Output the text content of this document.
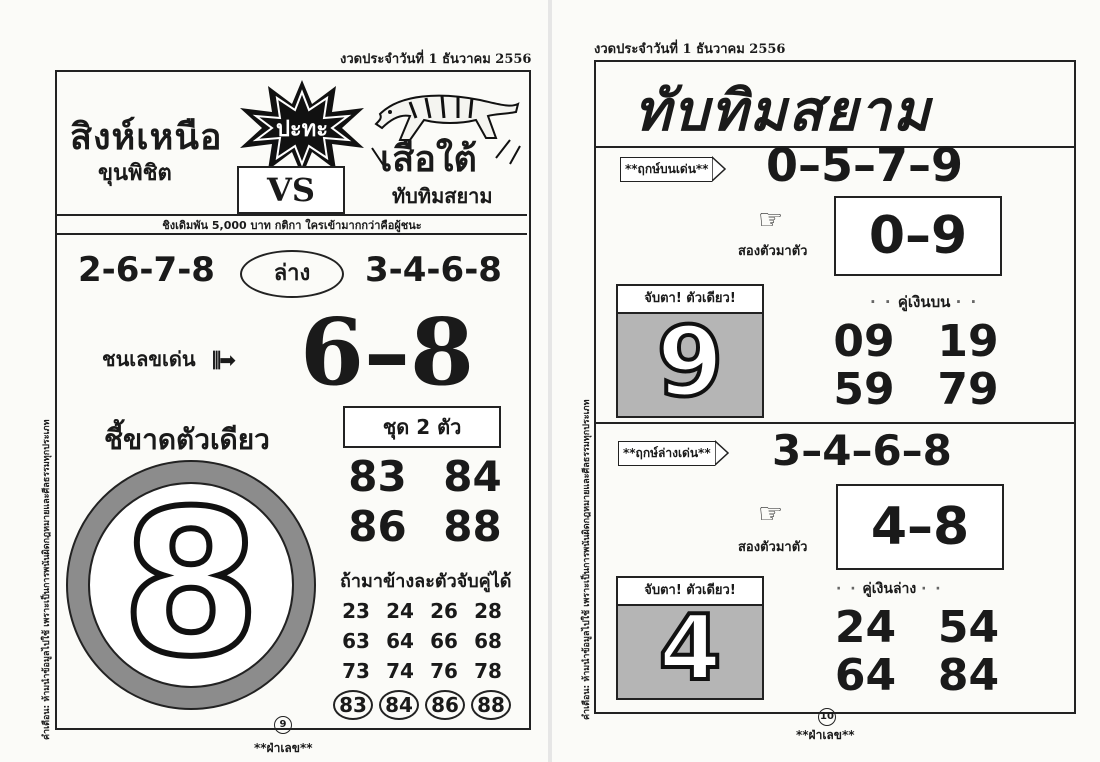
งวดประจำวันที่ 1 ธันวาคม 2556
สิงห์เหนือ
ขุนพิชิต
ปะทะ
เสือใต้
ทับทิมสยาม
VS
ชิงเดิมพัน 5,000 บาท กติกา ใครเข้ามากกว่าคือผู้ชนะ
2-6-7-8	ล่าง	3-4-6-8
ชนเลขเด่น ⫼➡ 6–8
ชี้ขาดตัวเดียว
8
ชุด 2 ตัว
83 84
86 88
ถ้ามาข้างละตัวจับคู่ได้
23 24 26 28
63 64 66 68
73 74 76 78
83 84 86 88
คำเตือน: ห้ามนำข้อมูลไปใช้ เพราะเป็นการพนันผิดกฎหมายและศีลธรรมทุกประเภท	9
**ฝ่าเลข**
งวดประจำวันที่ 1 ธันวาคม 2556
ทับทิมสยาม
**ฤกษ์บนเด่น** 0–5–7–9
☞
สองตัวมาตัว	0–9
จับตา! ตัวเดียว!
9
· · คู่เงินบน · ·
09 19
59 79
**ฤกษ์ล่างเด่น** 3–4–6–8
☞
สองตัวมาตัว	4–8
จับตา! ตัวเดียว!
4
· · คู่เงินล่าง · ·
24 54
64 84
คำเตือน: ห้ามนำข้อมูลไปใช้ เพราะเป็นการพนันผิดกฎหมายและศีลธรรมทุกประเภท	10
**ฝ่าเลข**
